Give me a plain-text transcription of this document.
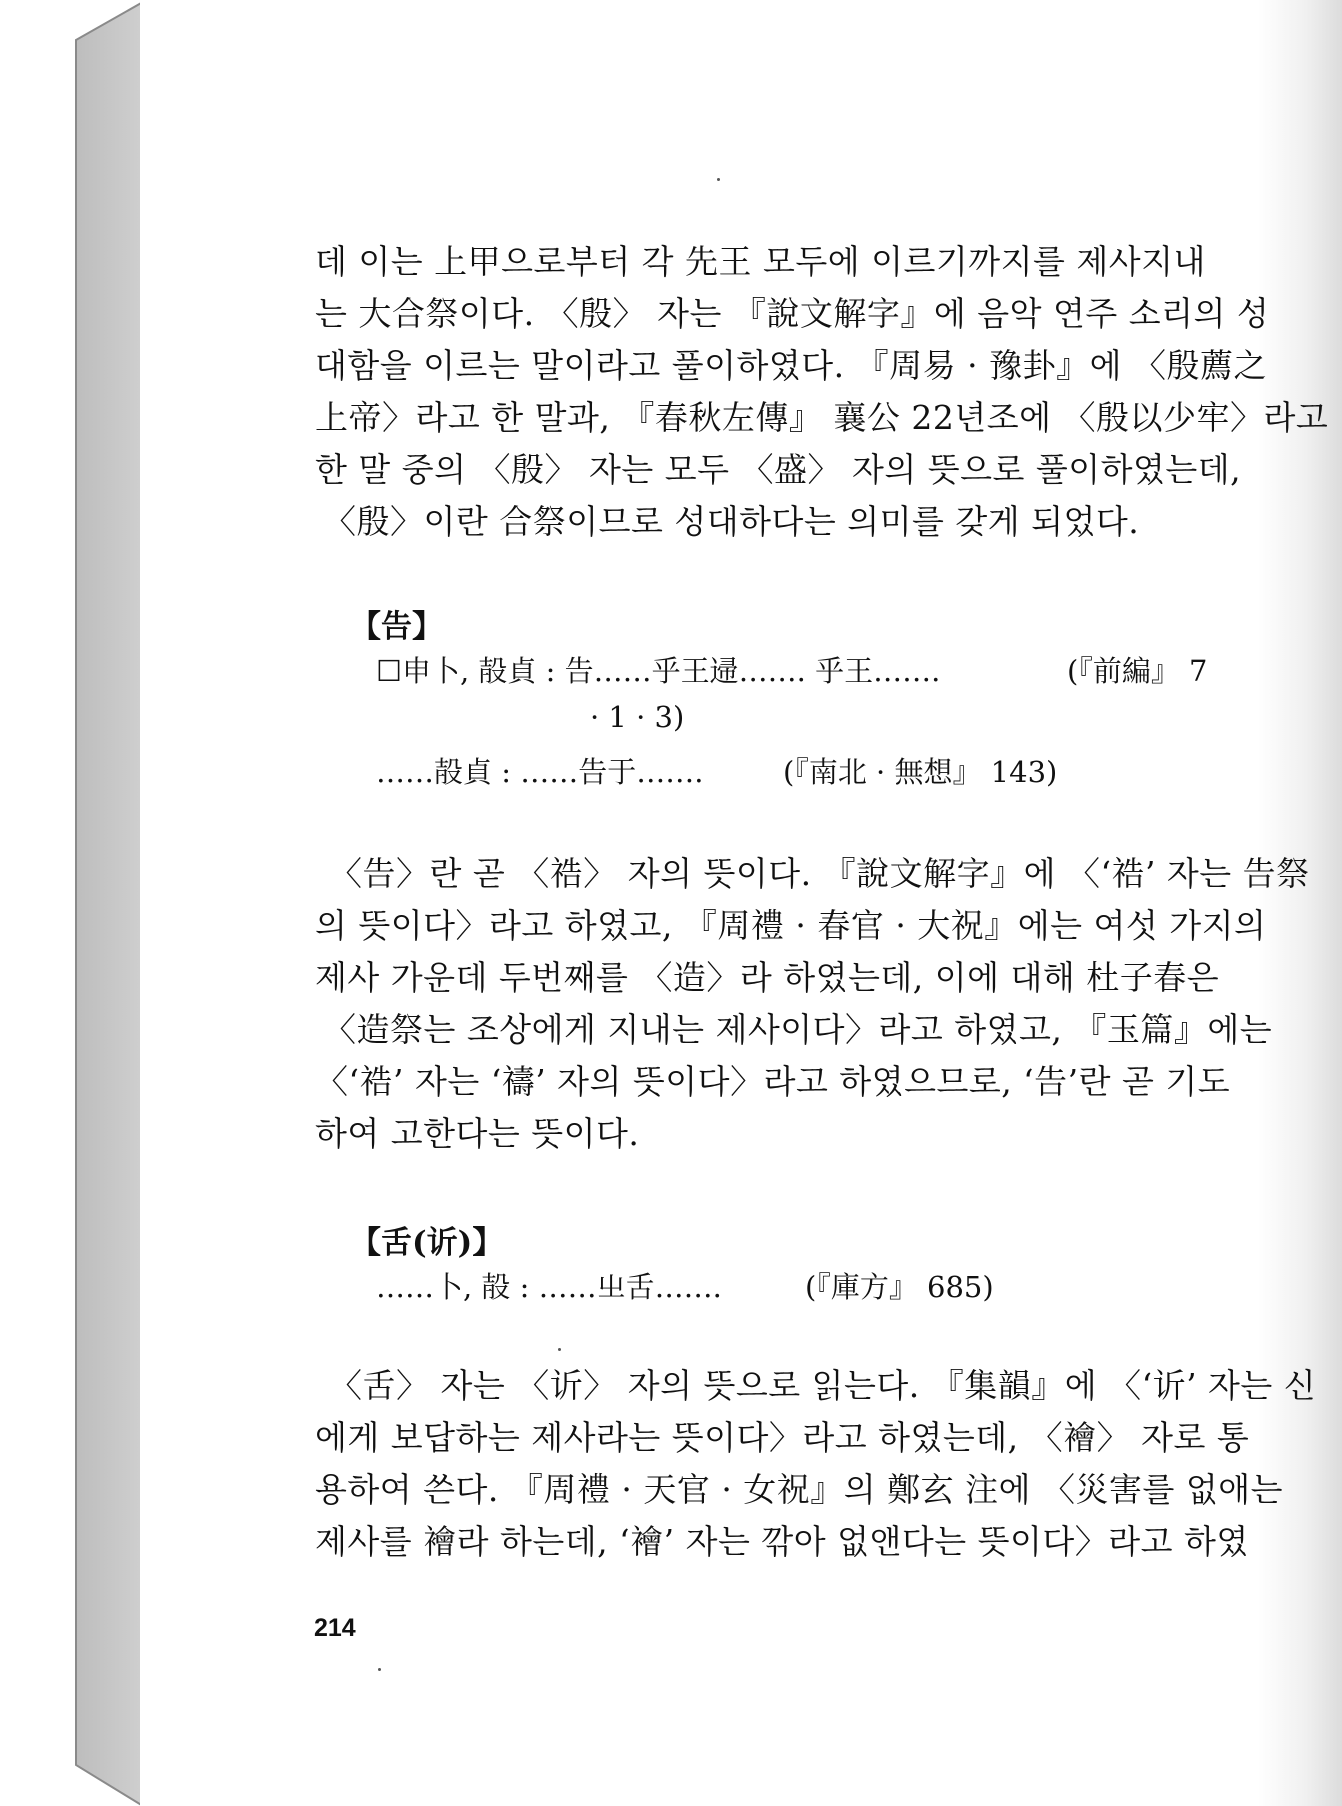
데 이는 上甲으로부터 각 先王 모두에 이르기까지를 제사지내
는 大合祭이다. 〈殷〉 자는 『說文解字』에 음악 연주 소리의 성
대함을 이르는 말이라고 풀이하였다. 『周易 · 豫卦』에 〈殷薦之
上帝〉라고 한 말과, 『春秋左傳』 襄公 22년조에 〈殷以少牢〉라고
한 말 중의 〈殷〉 자는 모두 〈盛〉 자의 뜻으로 풀이하였는데,
〈殷〉이란 合祭이므로 성대하다는 의미를 갖게 되었다.
【告】
☐申卜, 㱿貞 : 告……乎王䢜……. 乎王…….	(『前編』 7
· 1 · 3)
……㱿貞 : ……告于…….	(『南北 · 無想』 143)
〈告〉란 곧 〈祰〉 자의 뜻이다. 『說文解字』에 〈‘祰’ 자는 告祭
의 뜻이다〉라고 하였고, 『周禮 · 春官 · 大祝』에는 여섯 가지의
제사 가운데 두번째를 〈造〉라 하였는데, 이에 대해 杜子春은
〈造祭는 조상에게 지내는 제사이다〉라고 하였고, 『玉篇』에는
〈‘祰’ 자는 ‘禱’ 자의 뜻이다〉라고 하였으므로, ‘告’란 곧 기도
하여 고한다는 뜻이다.
【舌(䜣)】
……卜, 㱿 : ……㞢舌…….	(『庫方』 685)
〈舌〉 자는 〈䜣〉 자의 뜻으로 읽는다. 『集韻』에 〈‘䜣’ 자는 신
에게 보답하는 제사라는 뜻이다〉라고 하였는데, 〈襘〉 자로 통
용하여 쓴다. 『周禮 · 天官 · 女祝』의 鄭玄 注에 〈災害를 없애는
제사를 襘라 하는데, ‘襘’ 자는 깎아 없앤다는 뜻이다〉라고 하였
214
